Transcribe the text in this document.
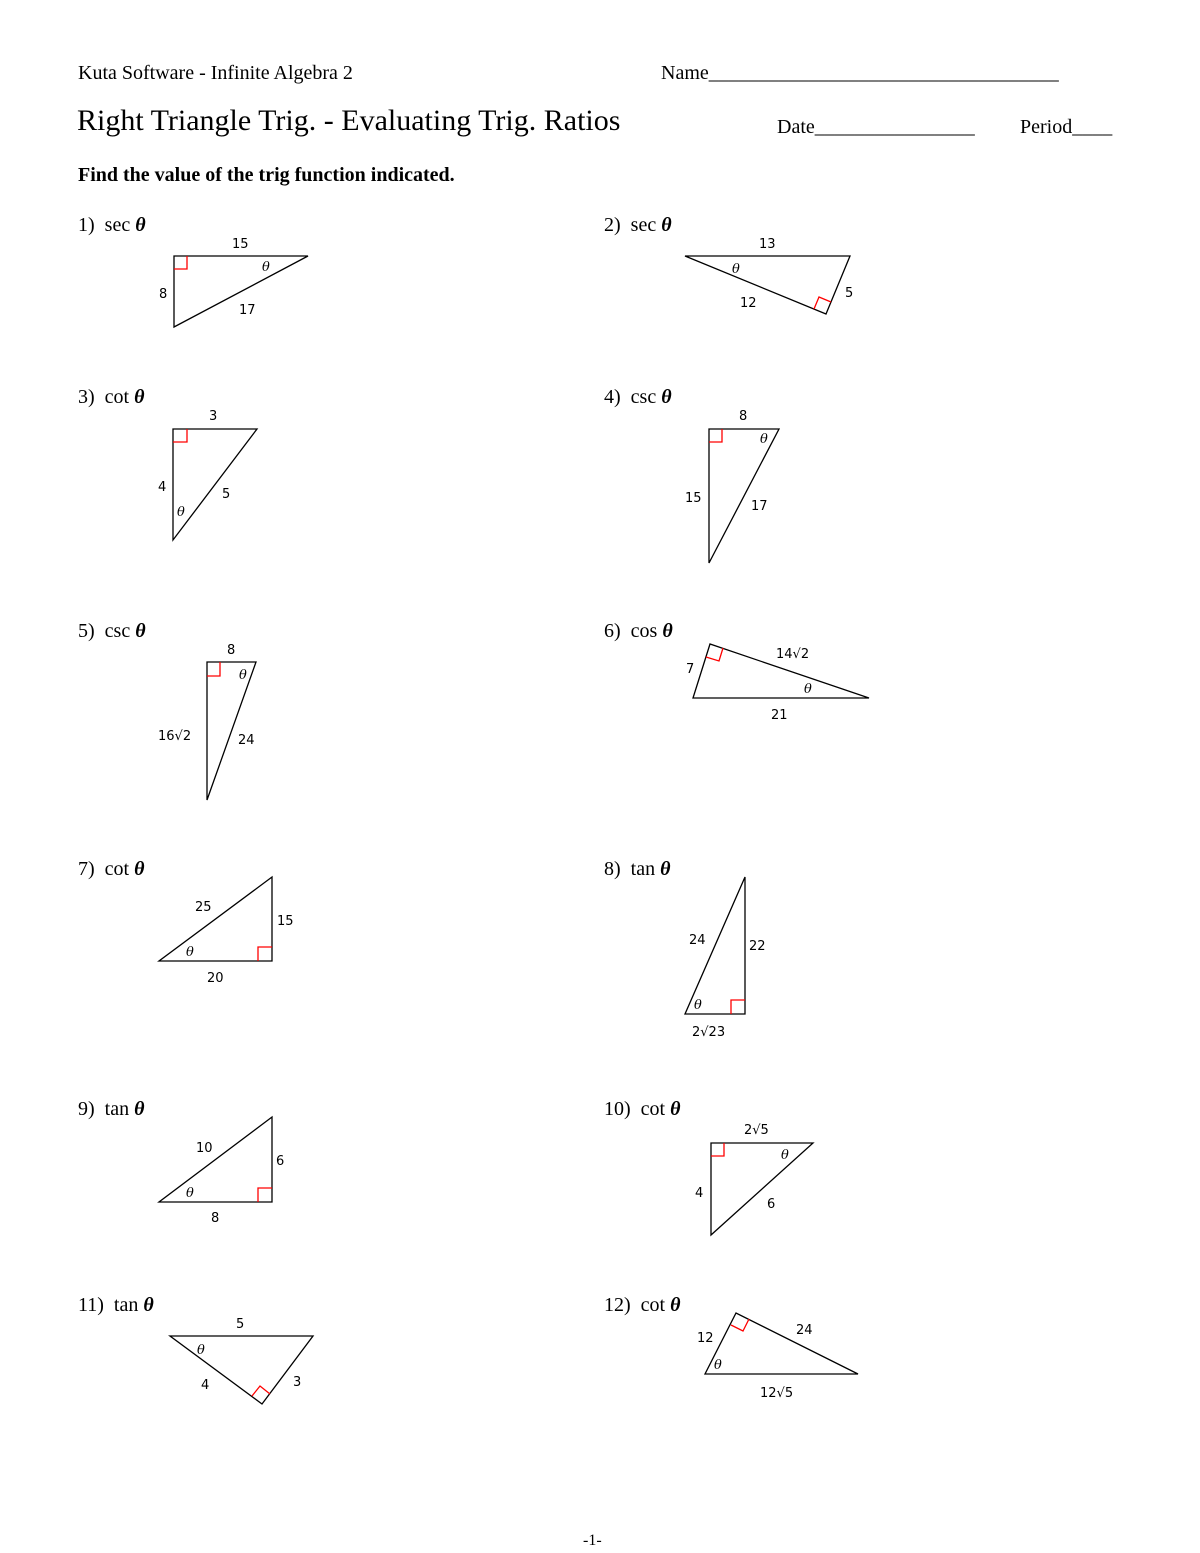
Kuta Software - Infinite Algebra 2	Name___________________________________
Right Triangle Trig. - Evaluating Trig. Ratios	Date________________ Period____
Find the value of the trig function indicated.
1) sec θ	2) sec θ
3) cot θ	4) csc θ
5) csc θ	6) cos θ
7) cot θ	8) tan θ
9) tan θ	10) cot θ
11) tan θ	12) cot θ
15
8
17
θ
13
12
5
θ
3
4	5
θ
8
15
17
θ
8
16√2	24
θ
14√2
7
21
θ
25
15
20
θ
24	22
2√23
θ
10
6
8
θ
2√5
4
6
θ
5
4	3
θ
12
24
12√5
θ
-1-
